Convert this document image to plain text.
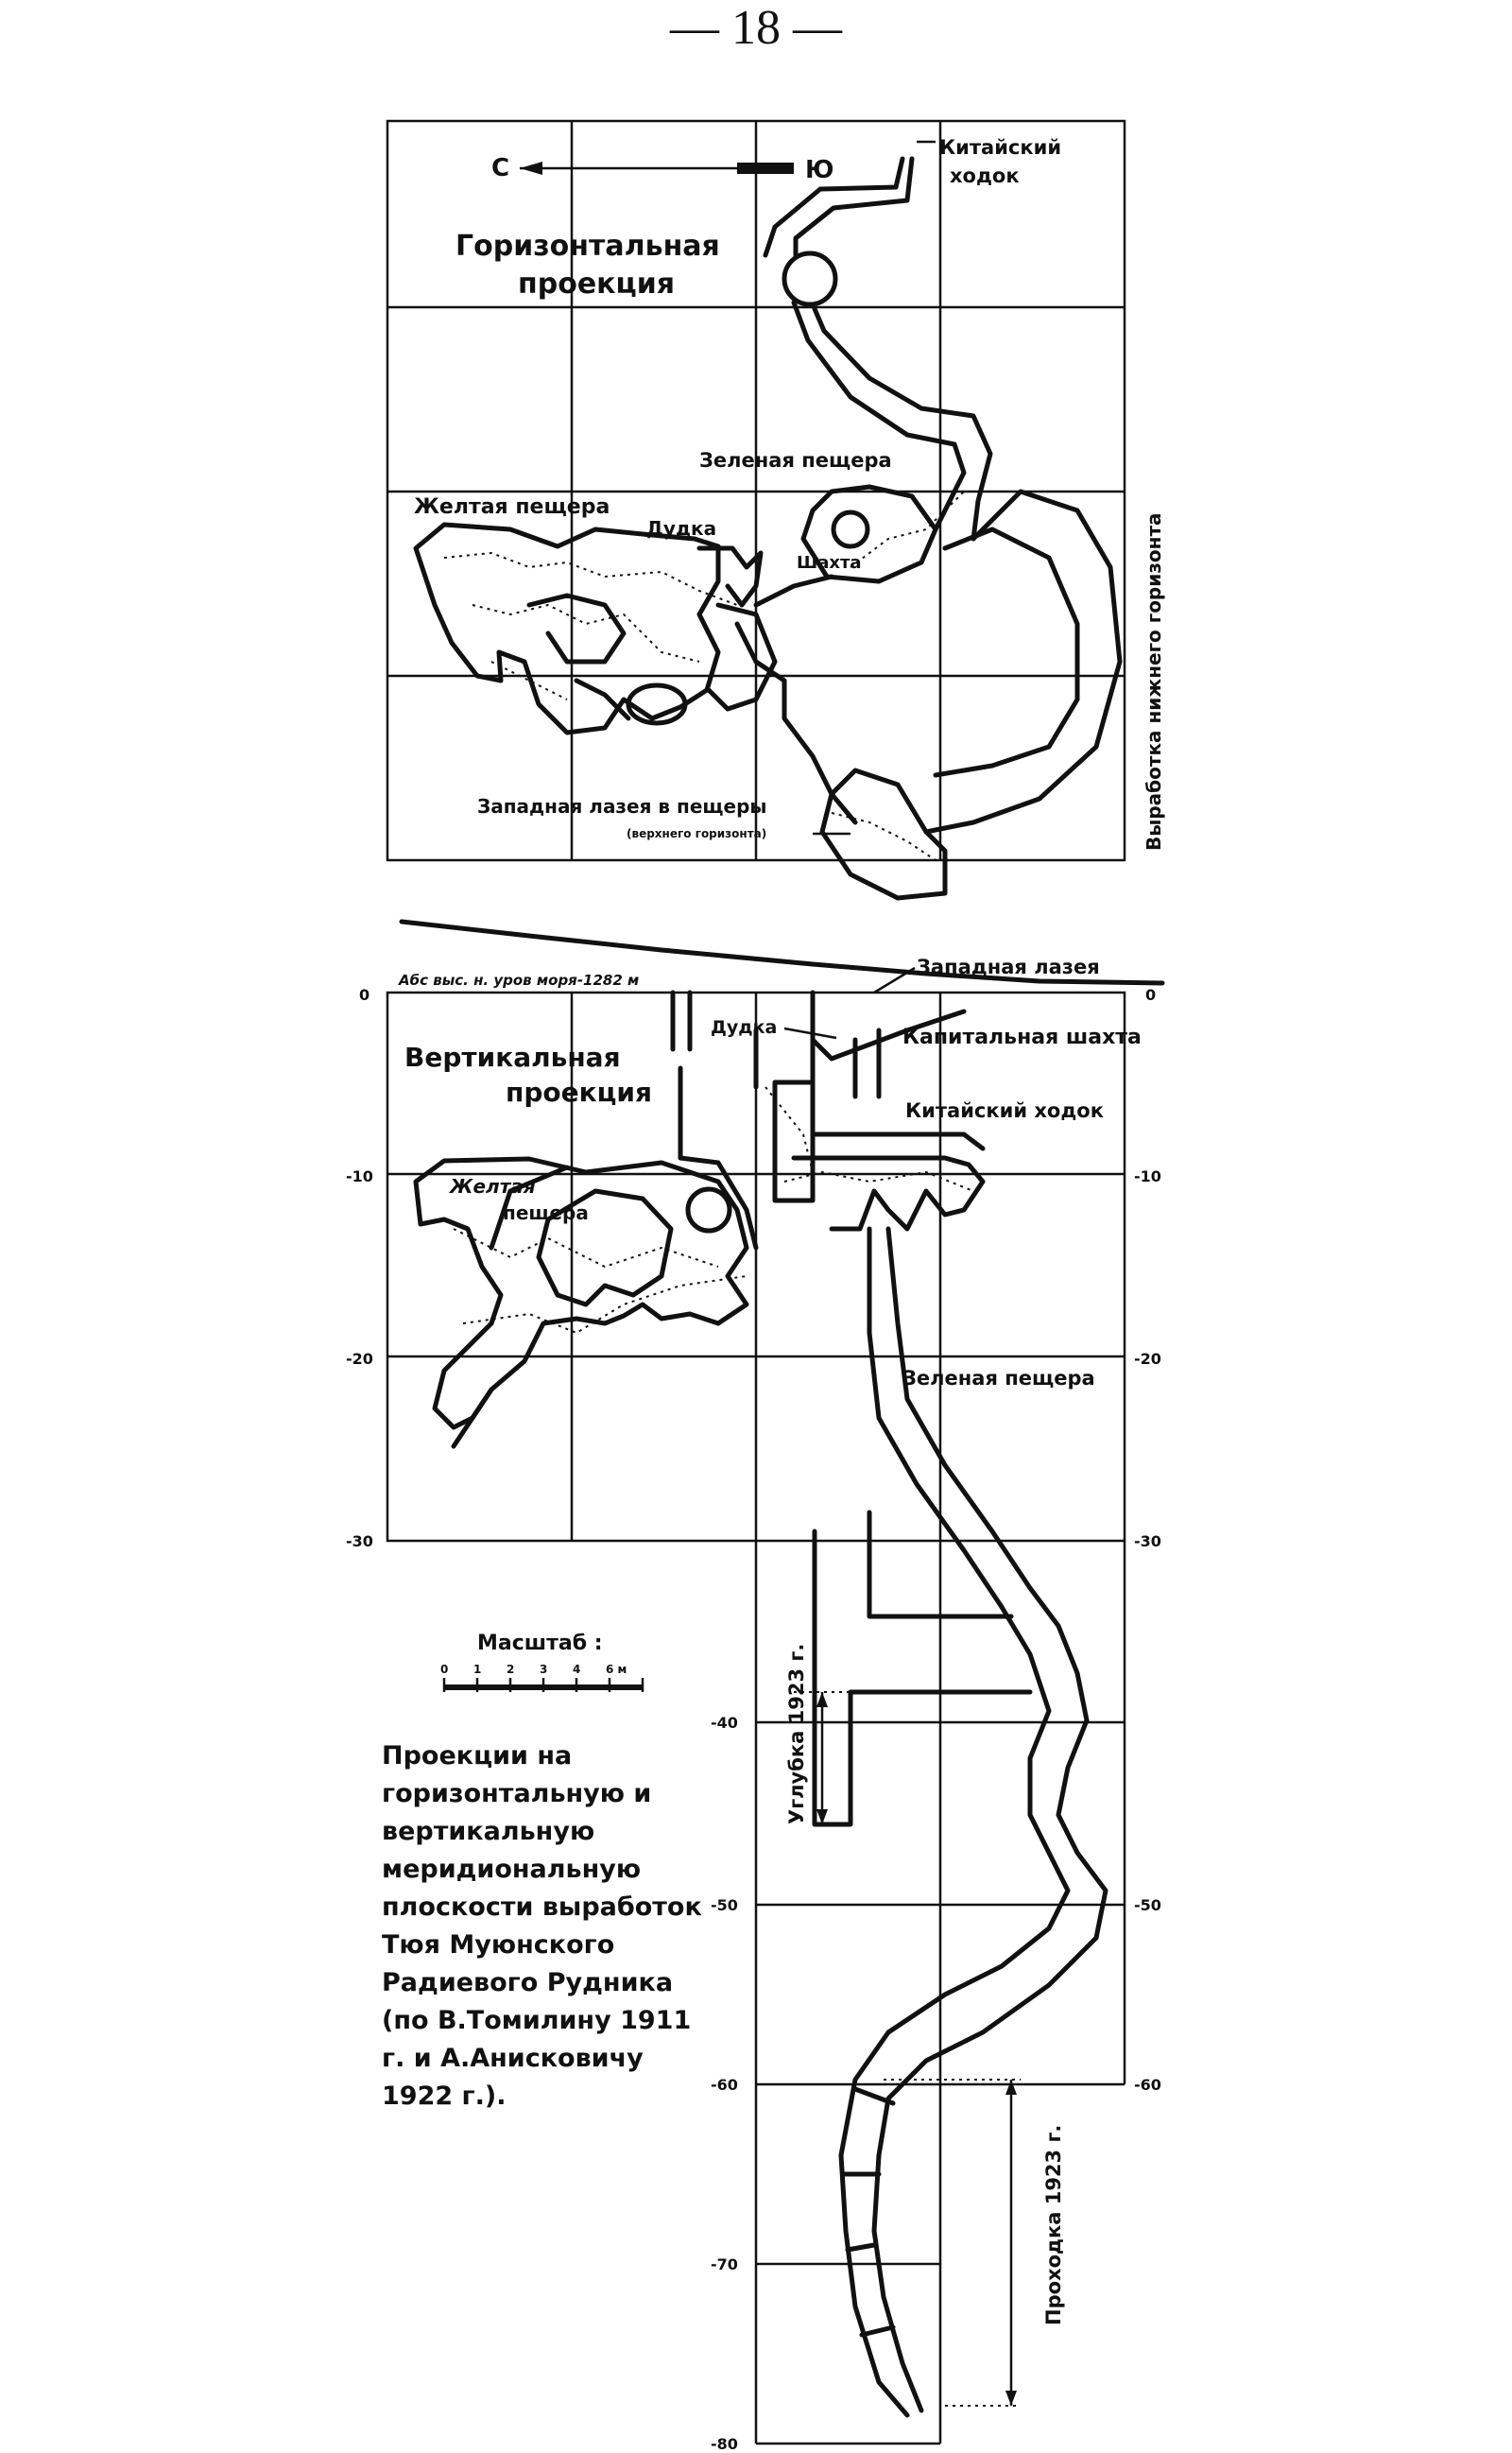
— 18 —
С	Ю
Горизонтальная
проекция
Китайский
ходок
Зеленая пещера
Желтая пещера
Дудка
Шахта
Западная лазея в пещеры
(верхнего горизонта)	Выработка нижнего горизонта
0	0
-10	-10
-20	-20
-30	-30
-40
-50	-50
-60	-60
-70
-80
Абс выс. н. уров моря-1282 м
Вертикальная
проекция
Западная лазея
Дудка	Капитальная шахта
Китайский ходок
Желтая
пещера
Зеленая пещера
Углубка 1923 г.
Проходка 1923 г.
Масштаб :
0 1 2 3 4 6 м
Проекции на горизонтальную и вертикальную меридиональную плоскости выработок Тюя Муюнского Радиевого Рудника (по В.Томилину 1911 г. и А.Анисковичу 1922 г.).
